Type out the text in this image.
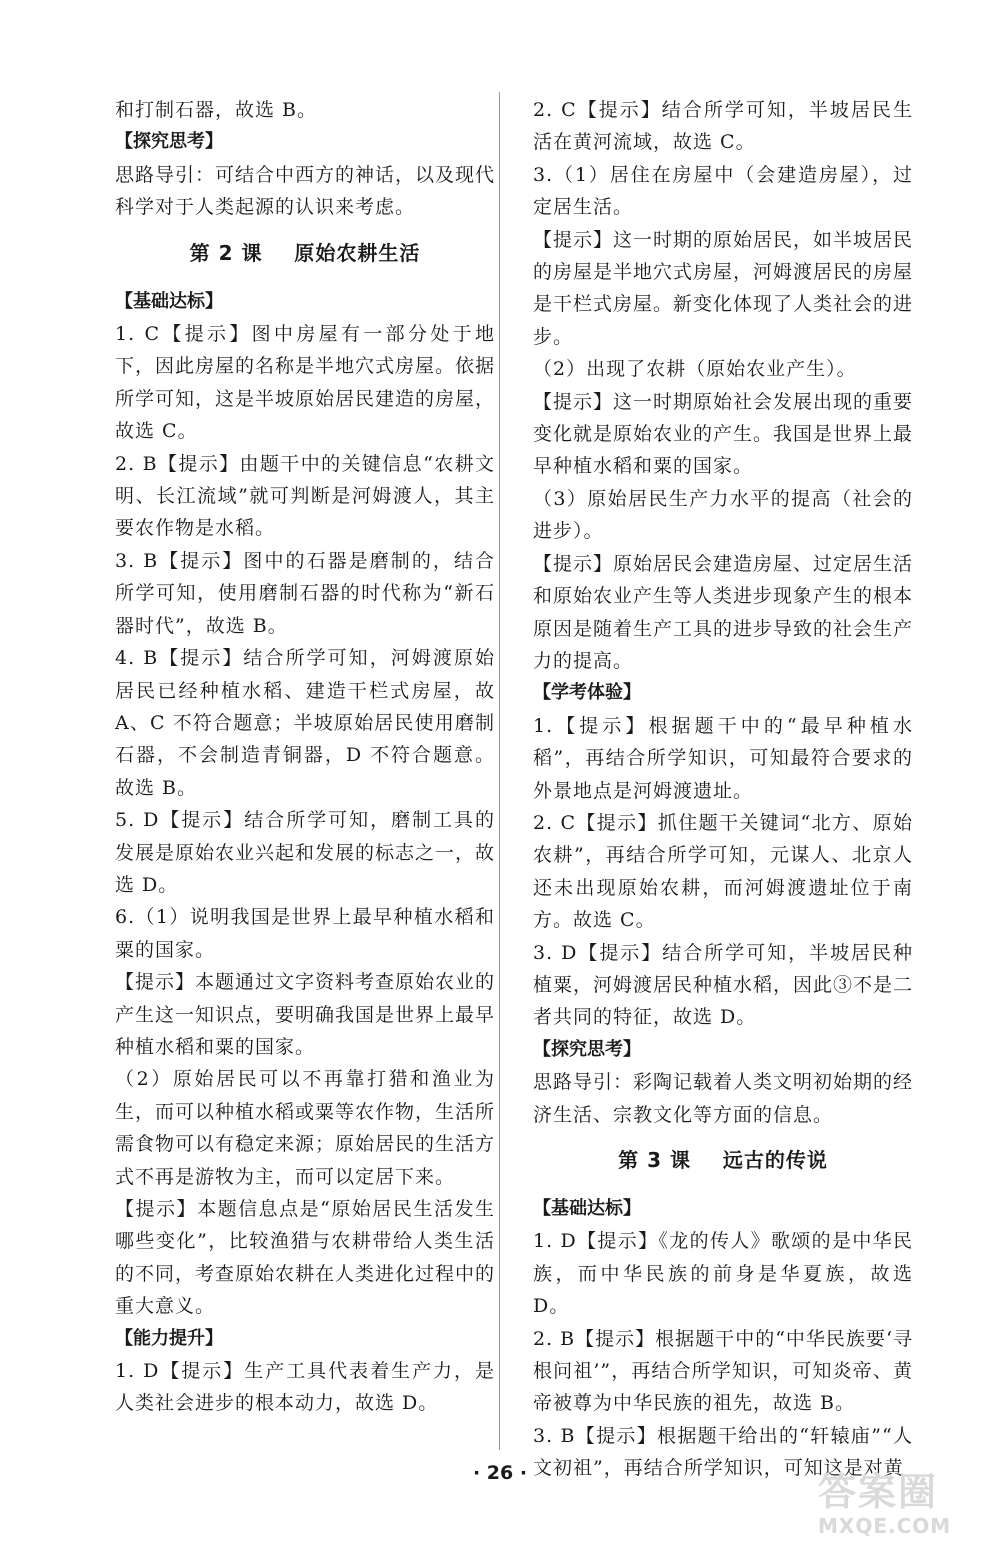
和打制石器，故选 B。
【探究思考】
思路导引：可结合中西方的神话，以及现代科学对于人类起源的认识来考虑。
第 2 课    原始农耕生活
【基础达标】
1. C【提示】图中房屋有一部分处于地下，因此房屋的名称是半地穴式房屋。依据所学可知，这是半坡原始居民建造的房屋，故选 C。
2. B【提示】由题干中的关键信息“农耕文明、长江流域”就可判断是河姆渡人，其主要农作物是水稻。
3. B【提示】图中的石器是磨制的，结合所学可知，使用磨制石器的时代称为“新石器时代”，故选 B。
4. B【提示】结合所学可知，河姆渡原始居民已经种植水稻、建造干栏式房屋，故 A、C 不符合题意；半坡原始居民使用磨制石器，不会制造青铜器，D 不符合题意。故选 B。
5. D【提示】结合所学可知，磨制工具的发展是原始农业兴起和发展的标志之一，故选 D。
6.（1）说明我国是世界上最早种植水稻和粟的国家。
【提示】本题通过文字资料考查原始农业的产生这一知识点，要明确我国是世界上最早种植水稻和粟的国家。
（2）原始居民可以不再靠打猎和渔业为生，而可以种植水稻或粟等农作物，生活所需食物可以有稳定来源；原始居民的生活方式不再是游牧为主，而可以定居下来。
【提示】本题信息点是“原始居民生活发生哪些变化”，比较渔猎与农耕带给人类生活的不同，考查原始农耕在人类进化过程中的重大意义。
【能力提升】
1. D【提示】生产工具代表着生产力，是人类社会进步的根本动力，故选 D。
2. C【提示】结合所学可知，半坡居民生活在黄河流域，故选 C。
3.（1）居住在房屋中（会建造房屋），过定居生活。
【提示】这一时期的原始居民，如半坡居民的房屋是半地穴式房屋，河姆渡居民的房屋是干栏式房屋。新变化体现了人类社会的进步。
（2）出现了农耕（原始农业产生）。
【提示】这一时期原始社会发展出现的重要变化就是原始农业的产生。我国是世界上最早种植水稻和粟的国家。
（3）原始居民生产力水平的提高（社会的进步）。
【提示】原始居民会建造房屋、过定居生活和原始农业产生等人类进步现象产生的根本原因是随着生产工具的进步导致的社会生产力的提高。
【学考体验】
1.【提示】根据题干中的“最早种植水稻”，再结合所学知识，可知最符合要求的外景地点是河姆渡遗址。
2. C【提示】抓住题干关键词“北方、原始农耕”，再结合所学可知，元谋人、北京人还未出现原始农耕，而河姆渡遗址位于南方。故选 C。
3. D【提示】结合所学可知，半坡居民种植粟，河姆渡居民种植水稻，因此③不是二者共同的特征，故选 D。
【探究思考】
思路导引：彩陶记载着人类文明初始期的经济生活、宗教文化等方面的信息。
第 3 课    远古的传说
【基础达标】
1. D【提示】《龙的传人》歌颂的是中华民族，而中华民族的前身是华夏族，故选 D。
2. B【提示】根据题干中的“中华民族要‘寻根问祖’”，再结合所学知识，可知炎帝、黄帝被尊为中华民族的祖先，故选 B。
3. B【提示】根据题干给出的“轩辕庙”“人文初祖”，再结合所学知识，可知这是对黄
· 26 ·	答案圈
MXQE.COM
